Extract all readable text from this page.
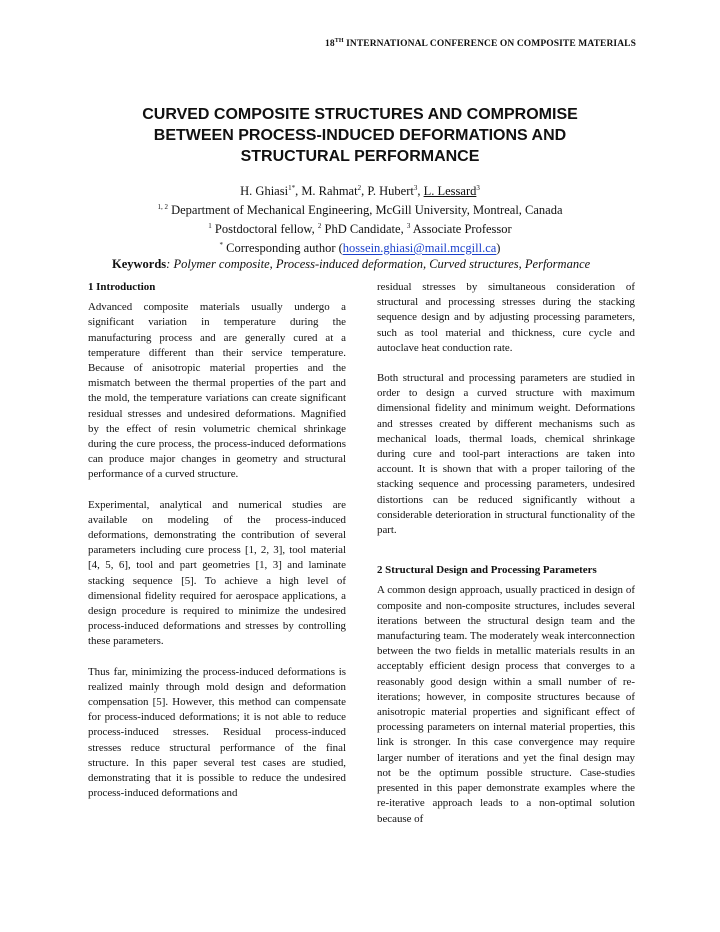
18TH INTERNATIONAL CONFERENCE ON COMPOSITE MATERIALS
CURVED COMPOSITE STRUCTURES AND COMPROMISE
BETWEEN PROCESS-INDUCED DEFORMATIONS AND
STRUCTURAL PERFORMANCE
H. Ghiasi$^{1*}$, M. Rahmat$^2$, P. Hubert$^3$, L. Lessard$^3$
$^{1, 2}$ Department of Mechanical Engineering, McGill University, Montreal, Canada
$^1$ Postdoctoral fellow, $^2$ PhD Candidate, $^3$ Associate Professor
* Corresponding author (hossein.ghiasi@mail.mcgill.ca)
Keywords: Polymer composite, Process-induced deformation, Curved structures, Performance
1 Introduction

Advanced composite materials usually undergo a significant variation in temperature during the manufacturing process and are generally cured at a temperature different than their service temperature. Because of anisotropic material properties and the mismatch between the thermal properties of the part and the mold, the temperature variations can create significant residual stresses and undesired deformations. Magnified by the effect of resin volumetric chemical shrinkage during the cure process, the process-induced deformations can produce major changes in geometry and structural performance of a curved structure.

Experimental, analytical and numerical studies are available on modeling of the process-induced deformations, demonstrating the contribution of several parameters including cure process [1, 2, 3], tool material [4, 5, 6], tool and part geometries [1, 3] and laminate stacking sequence [5]. To achieve a high level of dimensional fidelity required for aerospace applications, a design procedure is required to minimize the undesired process-induced deformations and stresses by controlling these parameters.

Thus far, minimizing the process-induced deformations is realized mainly through mold design and deformation compensation [5]. However, this method can compensate for process-induced deformations; it is not able to reduce process-induced stresses. Residual process-induced stresses reduce structural performance of the final structure. In this paper several test cases are studied, demonstrating that it is possible to reduce the undesired process-induced deformations and

residual stresses by simultaneous consideration of structural and processing stresses during the stacking sequence design and by adjusting processing parameters, such as tool material and thickness, cure cycle and autoclave heat conduction rate.

Both structural and processing parameters are studied in order to design a curved structure with maximum dimensional fidelity and minimum weight. Deformations and stresses created by different mechanisms such as mechanical loads, thermal loads, chemical shrinkage during cure and tool-part interactions are taken into account. It is shown that with a proper tailoring of the stacking sequence and processing parameters, undesired distortions can be reduced significantly without a considerable deterioration in structural functionality of the part.

2 Structural Design and Processing Parameters

A common design approach, usually practiced in design of composite and non-composite structures, includes several iterations between the structural design team and the manufacturing team. The moderately weak interconnection between the two fields in metallic materials results in an acceptably efficient design process that converges to a reasonably good design within a small number of re-iterations; however, in composite structures because of anisotropic material properties and significant effect of processing parameters on internal material properties, this link is stronger. In this case convergence may require larger number of iterations and yet the final design may not be the optimum possible structure. Case-studies presented in this paper demonstrate examples where the re-iterative approach leads to a non-optimal solution because of
